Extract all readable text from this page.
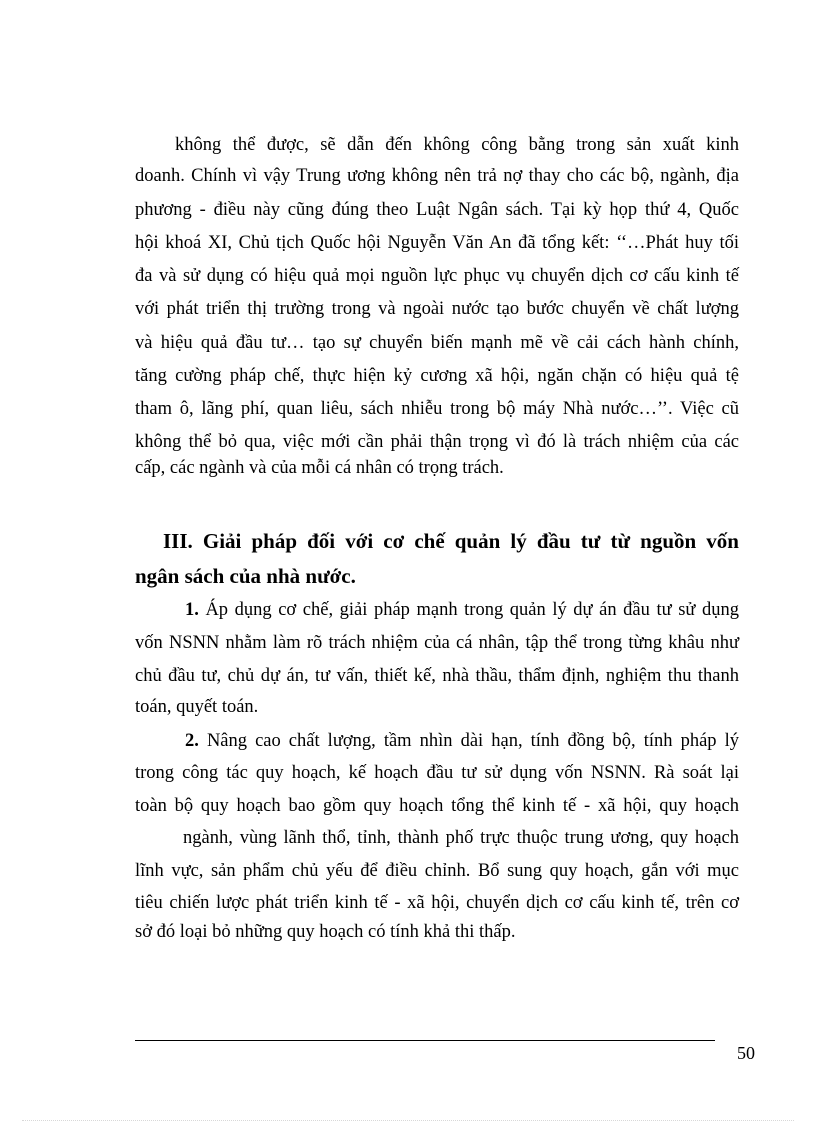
không thể được, sẽ dẫn đến không công bằng trong sản xuất kinh
doanh. Chính vì vậy Trung ương không nên trả nợ thay cho các bộ, ngành, địa
phương - điều này cũng đúng theo Luật Ngân sách. Tại kỳ họp thứ 4, Quốc
hội khoá XI, Chủ tịch Quốc hội Nguyễn Văn An đã tổng kết: ‘‘…Phát huy tối
đa và sử dụng có hiệu quả mọi nguồn lực phục vụ chuyển dịch cơ cấu kinh tế
với phát triển thị trường trong và ngoài nước tạo bước chuyển về chất lượng
và hiệu quả đầu tư… tạo sự chuyển biến mạnh mẽ về cải cách hành chính,
tăng cường pháp chế, thực hiện kỷ cương xã hội, ngăn chặn có hiệu quả tệ
tham ô, lãng phí, quan liêu, sách nhiễu trong bộ máy Nhà nước…’’. Việc cũ
không thể bỏ qua, việc mới cần phải thận trọng vì đó là trách nhiệm của các
cấp, các ngành và của mỗi cá nhân có trọng trách.
III. Giải pháp đối với cơ chế quản lý đầu tư từ nguồn vốn
ngân sách của nhà nước.
1. Áp dụng cơ chế, giải pháp mạnh trong quản lý dự án đầu tư sử dụng
vốn NSNN nhằm làm rõ trách nhiệm của cá nhân, tập thể trong từng khâu như
chủ đầu tư, chủ dự án, tư vấn, thiết kế, nhà thầu, thẩm định, nghiệm thu thanh
toán, quyết toán.
2. Nâng cao chất lượng, tầm nhìn dài hạn, tính đồng bộ, tính pháp lý
trong công tác quy hoạch, kế hoạch đầu tư sử dụng vốn NSNN. Rà soát lại
toàn bộ quy hoạch bao gồm quy hoạch tổng thể kinh tế - xã hội, quy hoạch
ngành, vùng lãnh thổ, tỉnh, thành phố trực thuộc trung ương, quy hoạch
lĩnh vực, sản phẩm chủ yếu để điều chỉnh. Bổ sung quy hoạch, gắn với mục
tiêu chiến lược phát triển kinh tế - xã hội, chuyển dịch cơ cấu kinh tế, trên cơ
sở đó loại bỏ những quy hoạch có tính khả thi thấp.
50
